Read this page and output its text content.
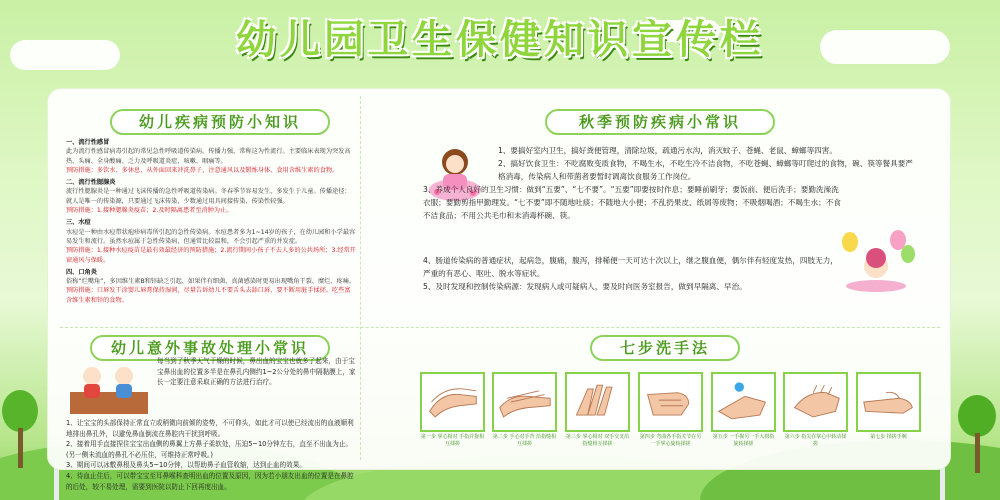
幼儿园卫生保健知识宣传栏
幼儿疾病预防小知识
一、流行性感冒
此为流行性感冒病毒引起的常见急性呼吸道传染病。传播力强，常称这为性流行。主要临床表现为突发高热、头痛、全身酸痛、乏力及呼吸道炎症，咳嗽、咽痛等。
预防措施：多饮水、多休息，从外面回来冲洗鼻子，注意通风以及锻炼身体、食用含维生素的食物。
二、流行性腮腺炎
流行性腮腺炎是一种通过飞沫传播的急性呼吸道传染病。冬春季节容易发生，多发生于儿童。传播途径：就人是唯一的传染源，只要通过飞沫传染，少数通过用具间接传染、传染性较强。
预防措施：1.接种腮腺炎疫苗；2.及时隔离患者至消肿为止。
三、水痘
水痘是一种由水痘带状疱疹病毒所引起的急性传染病。水痘患者多为1~14岁的孩子，在幼儿园和小学最容易发生和流行。虽然水痘属于急性传染病，但通常比较温和，不会引起严重的并发症。
预防措施：1.接种水痘疫苗是最有效最经济的预防措施；2.流行期间小孩子不去人多的公共场所；3.经常开窗通风与保暖。
四、口角炎
俗称“烂嘴角”，多因维生素B和锌缺乏引起，如果伴有细菌、真菌感染时更易出现嘴角干裂、糜烂、疼痛。
预防措施：口唇发干涂婴儿唇膏保持湿润，尽量告诉幼儿不要舌头去舔口唇，要不断用脏手揉搓。吃些富含维生素和锌的食物。
秋季预防疾病小常识

1、要搞好室内卫生，搞好粪便管理，清除垃圾，疏通污水沟，消灭蚊子、苍蝇、老鼠、蟑螂等四害。

2、搞好饮食卫生：不吃腐败变质食物，不喝生水，不吃生冷不洁食物，不吃苍蝇、蟑螂等叮爬过的食物，碗、筷等餐具要严格消毒，传染病人和带菌者要暂时调离饮食服务工作岗位。

3、养成个人良好的卫生习惯：做到“五要”、“七不要”。“五要”即要按时作息；要睡前刷牙；要饭前、便后洗手；要勤洗澡洗衣服；要勤剪指甲勤理发。“七不要”即不随地吐痰；不随地大小便；不乱扔果皮、纸屑等废物；不吸烟喝酒；不喝生水；不食不洁食品；不用公共毛巾和未消毒杯碗、筷。

4、肠道传染病的普通症状，起病急，腹痛，腹泻，排稀便一天可达十次以上，继之腹血便，偶尔伴有轻度发热，四肢无力，严重的有恶心、呕吐、脱水等症状。

5、及时发现和控制传染病源：发现病人或可疑病人，要及时向医务室报告，做到早隔离、早治。

幼儿意外事故处理小常识

每当到了秋季天气干燥的时候，鼻出血的宝宝也就多了起来，由于宝宝鼻出血的位置多半是在鼻孔内侧约1~2公分处的鼻中隔黏膜上，家长一定要注意采取正确的方法进行治疗。

1、让宝宝的头部保持正常直立或稍微向前倾的姿势，不可仰头，如此才可以使已经流出的血液顺利地排出鼻孔外，以避免鼻血倒流在鼻腔内干扰到呼吸。

2、接着用手直接捏住宝宝出血侧的鼻翼上方鼻子柔软处，压迫5~10分钟左右，直至不出血为止。(另一侧未流血的鼻孔不必压住，可维持正常呼吸。)

3、期间可以冰敷鼻根及鼻头5~10分钟，以帮助鼻子血管收缩，达到止血的效果。

4、待血止住后，可以带宝宝至耳鼻喉科查明出血的位置及原因，因为若小朋友出血的位置是在鼻腔的后处，较不易处理，需要到医院以防止下回再度出血。

七步洗手法
第一步 掌心相对 手指并拢相互揉搓
第二步 手心对手背 沿指缝相互揉搓
第三步 掌心相对 双手交叉沿指缝相互揉搓
第四步 弯曲各手指关节在另一手掌心旋转揉搓
第五步 一手握另一手大拇指旋转揉搓
第六步 指尖在掌心中转动揉搓
第七步 揉搓手腕
